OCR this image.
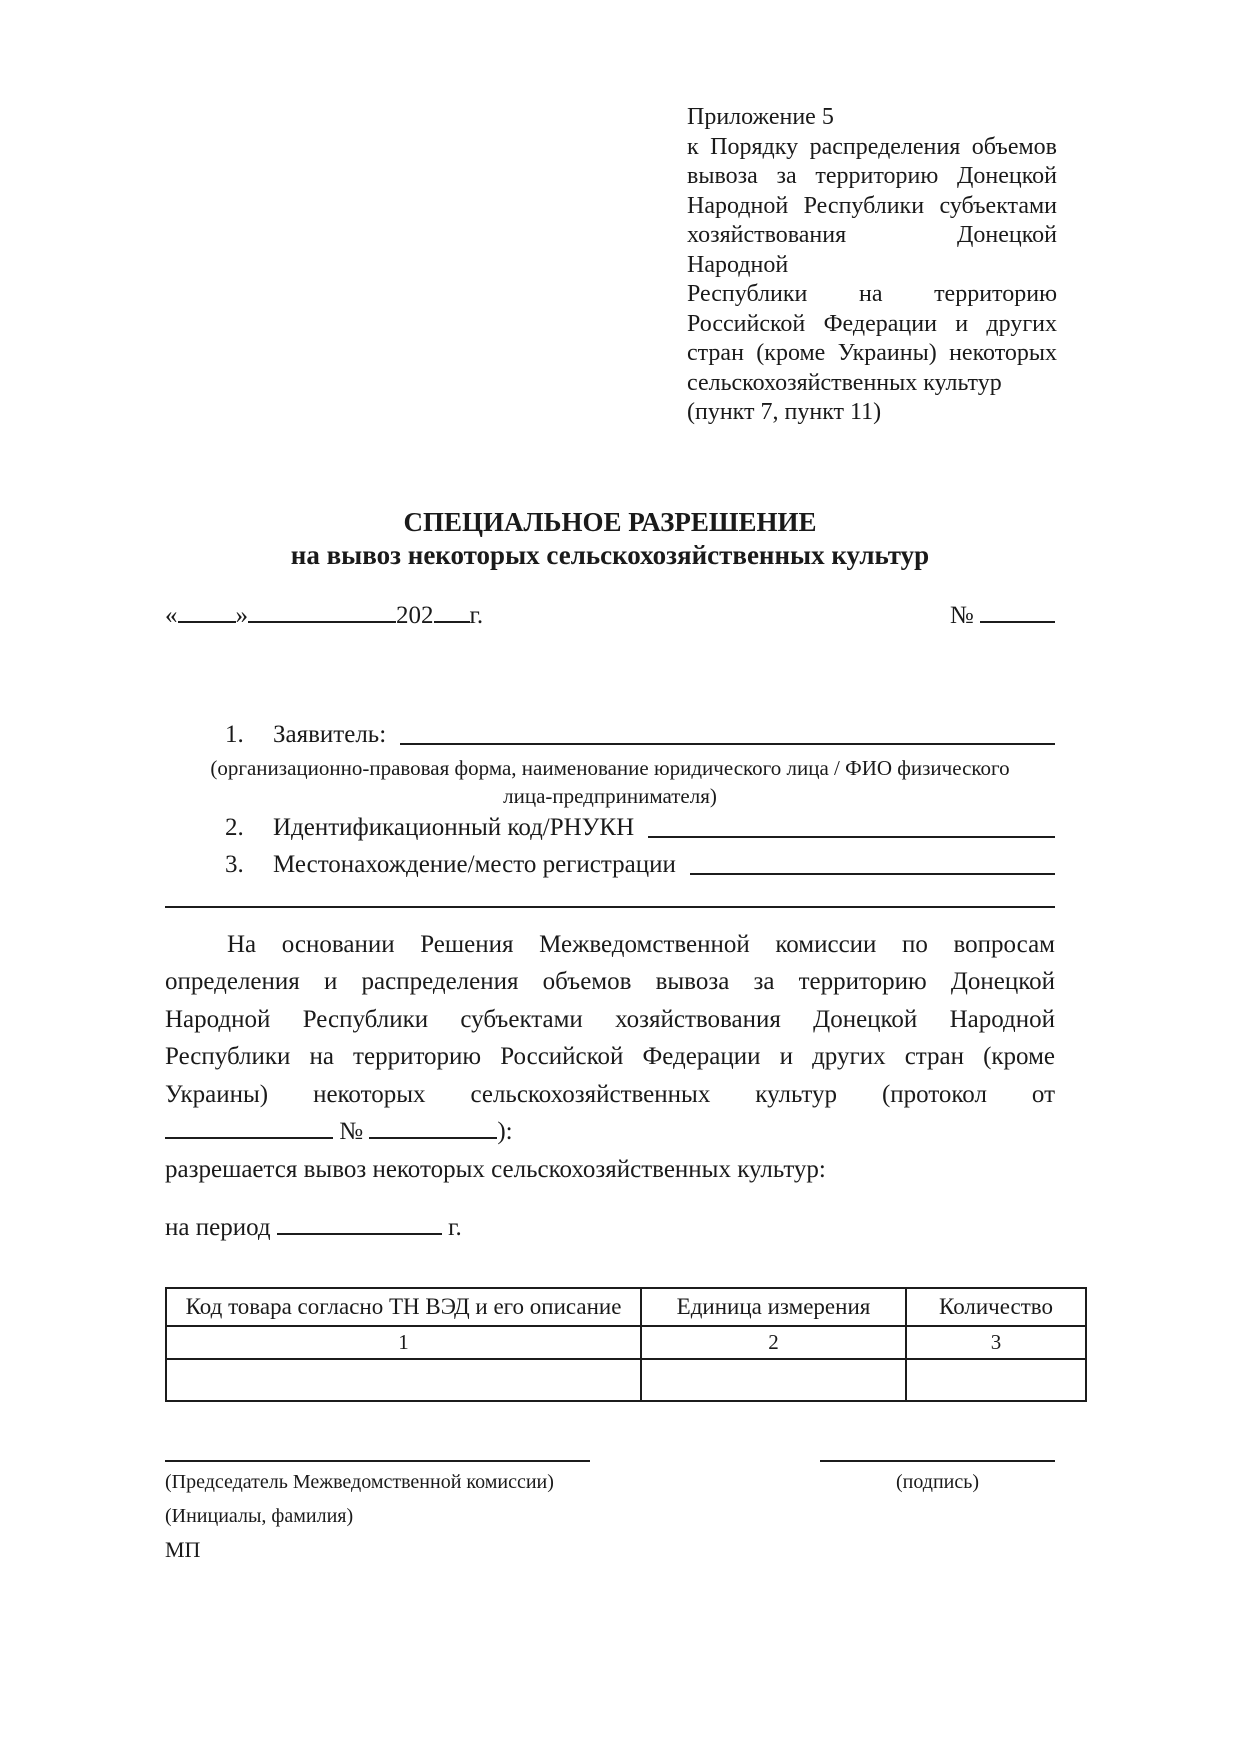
Приложение 5
к Порядку распределения объемов
вывоза за территорию Донецкой
Народной Республики субъектами
хозяйствования Донецкой Народной
Республики на территорию
Российской Федерации и других
стран (кроме Украины) некоторых
сельскохозяйственных культур
(пункт 7, пункт 11)
СПЕЦИАЛЬНОЕ РАЗРЕШЕНИЕ
на вывоз некоторых сельскохозяйственных культур
« »	202 г.	№
1.	Заявитель:
(организационно-правовая форма, наименование юридического лица / ФИО физического
лица-предпринимателя)
2.	Идентификационный код/РНУКН
3.	Местонахождение/место регистрации
На основании Решения Межведомственной комиссии по вопросам
определения и распределения объемов вывоза за территорию Донецкой
Народной Республики субъектами хозяйствования Донецкой Народной
Республики на территорию Российской Федерации и других стран (кроме
Украины) некоторых сельскохозяйственных культур (протокол от
№	):
разрешается вывоз некоторых сельскохозяйственных культур:
на период	г.
Код товара согласно ТН ВЭД и его описание	Единица измерения	Количество
1	2	3

(Председатель Межведомственной комиссии)
(Инициалы, фамилия)
МП
(подпись)
